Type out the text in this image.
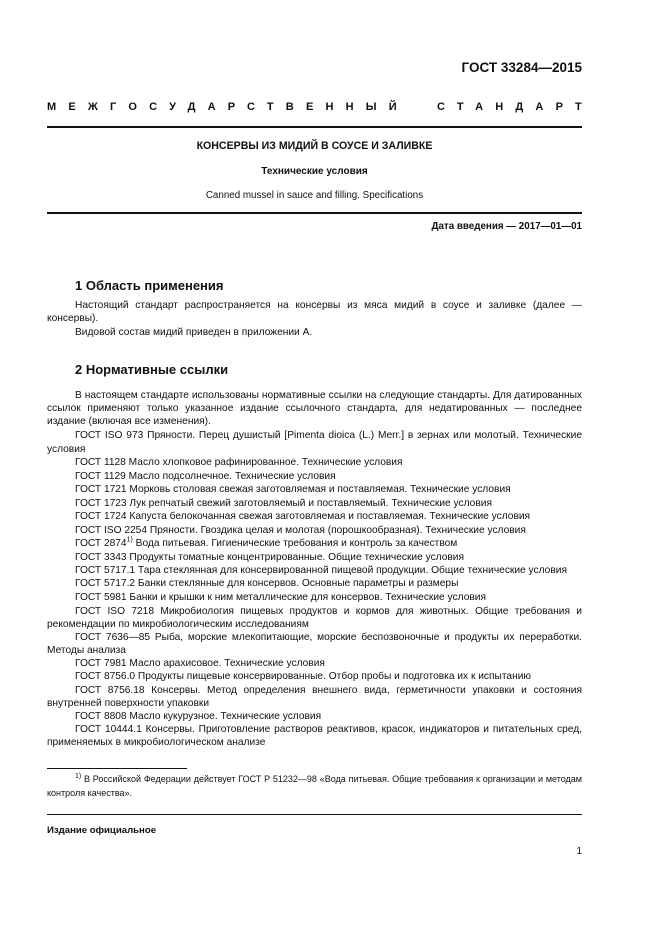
ГОСТ 33284—2015
МЕЖГОСУДАРСТВЕННЫЙ	СТАНДАРТ
КОНСЕРВЫ ИЗ МИДИЙ В СОУСЕ И ЗАЛИВКЕ
Технические условия
Canned mussel in sauce and filling. Specifications
Дата введения — 2017—01—01
1 Область применения

Настоящий стандарт распространяется на консервы из мяса мидий в соусе и заливке (далее — консервы).

Видовой состав мидий приведен в приложении А.

2 Нормативные ссылки

В настоящем стандарте использованы нормативные ссылки на следующие стандарты. Для датированных ссылок применяют только указанное издание ссылочного стандарта, для недатированных — последнее издание (включая все изменения).

ГОСТ ISO 973 Пряности. Перец душистый [Pimenta dioica (L.) Merr.] в зернах или молотый. Технические условия
ГОСТ 1128 Масло хлопковое рафинированное. Технические условия
ГОСТ 1129 Масло подсолнечное. Технические условия
ГОСТ 1721 Морковь столовая свежая заготовляемая и поставляемая. Технические условия
ГОСТ 1723 Лук репчатый свежий заготовляемый и поставляемый. Технические условия
ГОСТ 1724 Капуста белокочанная свежая заготовляемая и поставляемая. Технические условия
ГОСТ ISO 2254 Пряности. Гвоздика целая и молотая (порошкообразная). Технические условия
ГОСТ 2874$^{1)}$ Вода питьевая. Гигиенические требования и контроль за качеством
ГОСТ 3343 Продукты томатные концентрированные. Общие технические условия
ГОСТ 5717.1 Тара стеклянная для консервированной пищевой продукции. Общие технические условия
ГОСТ 5717.2 Банки стеклянные для консервов. Основные параметры и размеры
ГОСТ 5981 Банки и крышки к ним металлические для консервов. Технические условия
ГОСТ ISO 7218 Микробиология пищевых продуктов и кормов для животных. Общие требования и рекомендации по микробиологическим исследованиям
ГОСТ 7636—85 Рыба, морские млекопитающие, морские беспозвоночные и продукты их переработки. Методы анализа
ГОСТ 7981 Масло арахисовое. Технические условия
ГОСТ 8756.0 Продукты пищевые консервированные. Отбор пробы и подготовка их к испытанию
ГОСТ 8756.18 Консервы. Метод определения внешнего вида, герметичности упаковки и состояния внутренней поверхности упаковки
ГОСТ 8808 Масло кукурузное. Технические условия
ГОСТ 10444.1 Консервы. Приготовление растворов реактивов, красок, индикаторов и питательных сред, применяемых в микробиологическом анализе

$^{1)}$ В Российской Федерации действует ГОСТ Р 51232—98 «Вода питьевая. Общие требования к организации и методам контроля качества».

Издание официальное
1
